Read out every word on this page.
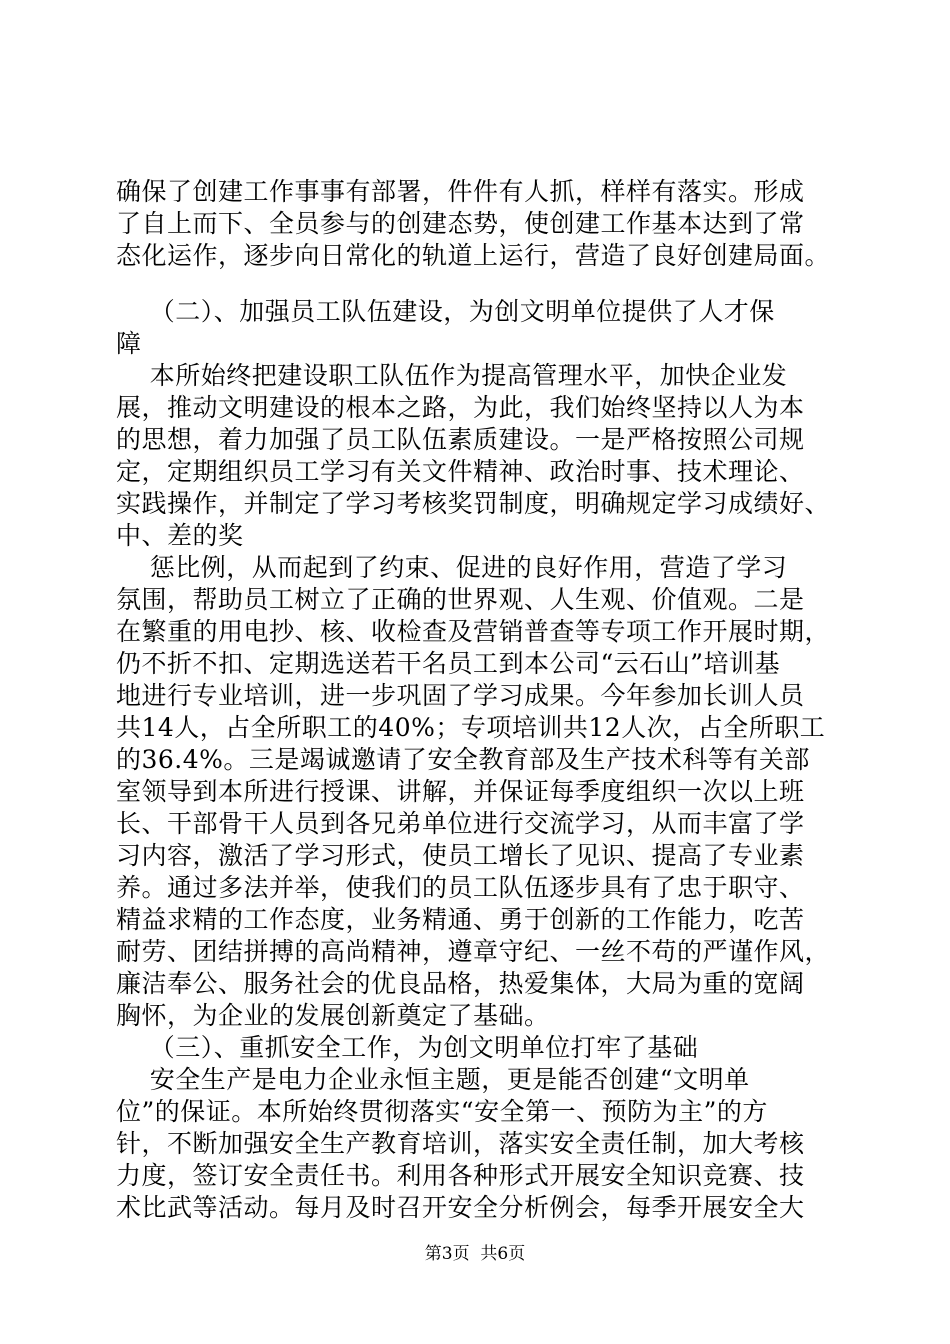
确保了创建工作事事有部署，件件有人抓，样样有落实。形成
了自上而下、全员参与的创建态势，使创建工作基本达到了常
态化运作，逐步向日常化的轨道上运行，营造了良好创建局面。
（二）、加强员工队伍建设，为创文明单位提供了人才保
障
本所始终把建设职工队伍作为提高管理水平，加快企业发
展，推动文明建设的根本之路，为此，我们始终坚持以人为本
的思想，着力加强了员工队伍素质建设。一是严格按照公司规
定，定期组织员工学习有关文件精神、政治时事、技术理论、
实践操作，并制定了学习考核奖罚制度，明确规定学习成绩好、
中、差的奖
惩比例，从而起到了约束、促进的良好作用，营造了学习
氛围，帮助员工树立了正确的世界观、人生观、价值观。二是
在繁重的用电抄、核、收检查及营销普查等专项工作开展时期，
仍不折不扣、定期选送若干名员工到本公司“云石山”培训基
地进行专业培训，进一步巩固了学习成果。今年参加长训人员
共14人，占全所职工的40%；专项培训共12人次，占全所职工
的36.4%。三是竭诚邀请了安全教育部及生产技术科等有关部
室领导到本所进行授课、讲解，并保证每季度组织一次以上班
长、干部骨干人员到各兄弟单位进行交流学习，从而丰富了学
习内容，激活了学习形式，使员工增长了见识、提高了专业素
养。通过多法并举，使我们的员工队伍逐步具有了忠于职守、
精益求精的工作态度，业务精通、勇于创新的工作能力，吃苦
耐劳、团结拼搏的高尚精神，遵章守纪、一丝不苟的严谨作风，
廉洁奉公、服务社会的优良品格，热爱集体，大局为重的宽阔
胸怀，为企业的发展创新奠定了基础。
（三）、重抓安全工作，为创文明单位打牢了基础
安全生产是电力企业永恒主题，更是能否创建“文明单
位”的保证。本所始终贯彻落实“安全第一、预防为主”的方
针，不断加强安全生产教育培训，落实安全责任制，加大考核
力度，签订安全责任书。利用各种形式开展安全知识竞赛、技
术比武等活动。每月及时召开安全分析例会，每季开展安全大
第3页  共6页
